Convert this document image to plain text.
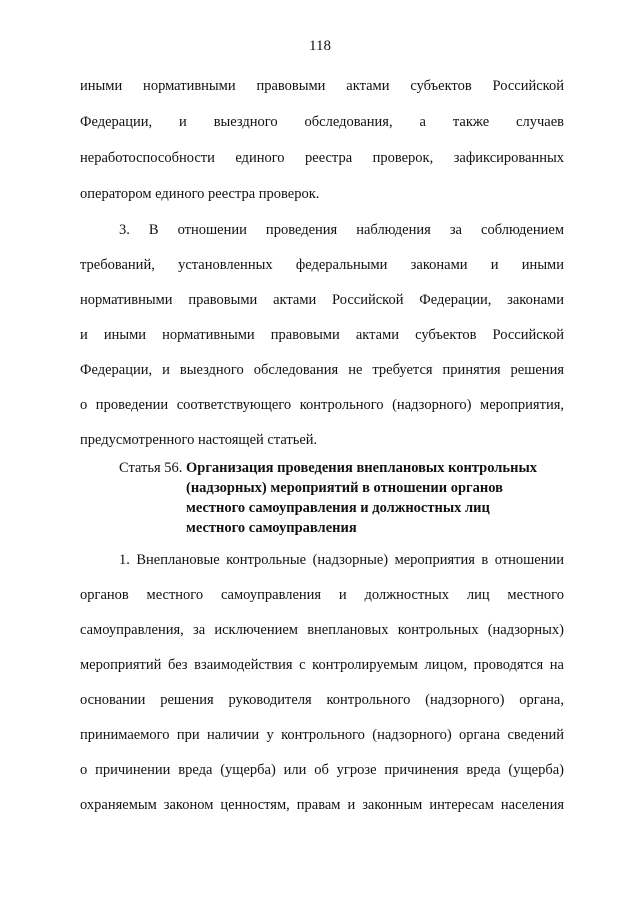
118
иными нормативными правовыми актами субъектов Российской
Федерации, и выездного обследования, а также случаев
неработоспособности единого реестра проверок, зафиксированных
оператором единого реестра проверок.
3. В отношении проведения наблюдения за соблюдением
требований, установленных федеральными законами и иными
нормативными правовыми актами Российской Федерации, законами
и иными нормативными правовыми актами субъектов Российской
Федерации, и выездного обследования не требуется принятия решения
о проведении соответствующего контрольного (надзорного) мероприятия,
предусмотренного настоящей статьей.
Статья 56. Организация проведения внеплановых контрольных
(надзорных) мероприятий в отношении органов
местного самоуправления и должностных лиц
местного самоуправления
1. Внеплановые контрольные (надзорные) мероприятия в отношении
органов местного самоуправления и должностных лиц местного
самоуправления, за исключением внеплановых контрольных (надзорных)
мероприятий без взаимодействия с контролируемым лицом, проводятся на
основании решения руководителя контрольного (надзорного) органа,
принимаемого при наличии у контрольного (надзорного) органа сведений
о причинении вреда (ущерба) или об угрозе причинения вреда (ущерба)
охраняемым законом ценностям, правам и законным интересам населения
